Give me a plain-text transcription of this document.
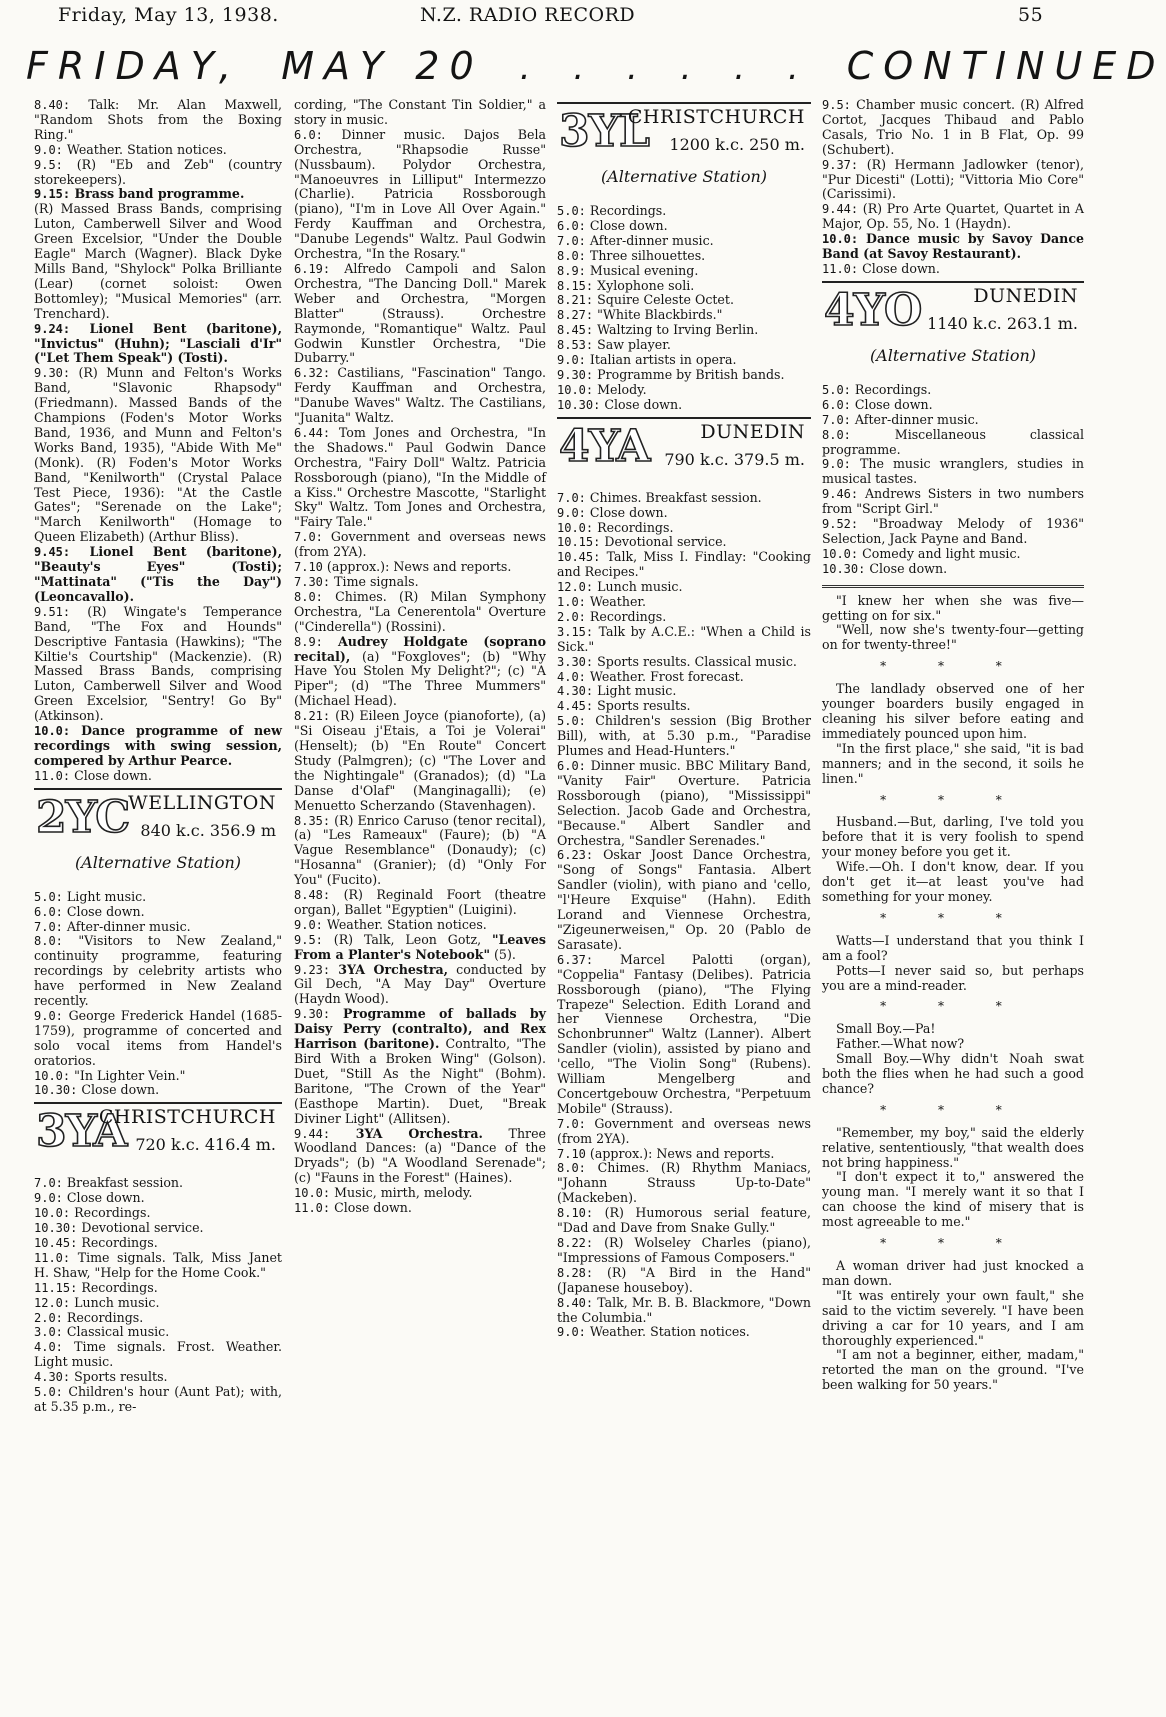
Friday, May 13, 1938.	N.Z. RADIO RECORD	55
FRIDAY, MAY 20 . . . . . . CONTINUED

8.40: Talk: Mr. Alan Maxwell, "Random Shots from the Boxing Ring."

9.0: Weather. Station notices.

9.5: (R) "Eb and Zeb" (country storekeepers).

9.15: Brass band programme.

(R) Massed Brass Bands, comprising Luton, Camberwell Silver and Wood Green Excelsior, "Under the Double Eagle" March (Wagner). Black Dyke Mills Band, "Shylock" Polka Brilliante (Lear) (cornet soloist: Owen Bottomley); "Musical Memories" (arr. Trenchard).

9.24: Lionel Bent (baritone), "Invictus" (Huhn); "Lasciali d'Ir" ("Let Them Speak") (Tosti).

9.30: (R) Munn and Felton's Works Band, "Slavonic Rhapsody" (Friedmann). Massed Bands of the Champions (Foden's Motor Works Band, 1936, and Munn and Felton's Works Band, 1935), "Abide With Me" (Monk). (R) Foden's Motor Works Band, "Kenilworth" (Crystal Palace Test Piece, 1936): "At the Castle Gates"; "Serenade on the Lake"; "March Kenilworth" (Homage to Queen Elizabeth) (Arthur Bliss).

9.45: Lionel Bent (baritone), "Beauty's Eyes" (Tosti); "Mattinata" ("Tis the Day") (Leoncavallo).

9.51: (R) Wingate's Temperance Band, "The Fox and Hounds" Descriptive Fantasia (Hawkins); "The Kiltie's Courtship" (Mackenzie). (R) Massed Brass Bands, comprising Luton, Camberwell Silver and Wood Green Excelsior, "Sentry! Go By" (Atkinson).

10.0: Dance programme of new recordings with swing session, compered by Arthur Pearce.

11.0: Close down.

2YC
WELLINGTON
840 k.c. 356.9 m
(Alternative Station)

5.0: Light music.

6.0: Close down.

7.0: After-dinner music.

8.0: "Visitors to New Zealand," continuity programme, featuring recordings by celebrity artists who have performed in New Zealand recently.

9.0: George Frederick Handel (1685-1759), programme of concerted and solo vocal items from Handel's oratorios.

10.0: "In Lighter Vein."

10.30: Close down.

3YA
CHRISTCHURCH
720 k.c. 416.4 m.

7.0: Breakfast session.

9.0: Close down.

10.0: Recordings.

10.30: Devotional service.

10.45: Recordings.

11.0: Time signals. Talk, Miss Janet H. Shaw, "Help for the Home Cook."

11.15: Recordings.

12.0: Lunch music.

2.0: Recordings.

3.0: Classical music.

4.0: Time signals. Frost. Weather. Light music.

4.30: Sports results.

5.0: Children's hour (Aunt Pat); with, at 5.35 p.m., re-

cording, "The Constant Tin Soldier," a story in music.

6.0: Dinner music. Dajos Bela Orchestra, "Rhapsodie Russe" (Nussbaum). Polydor Orchestra, "Manoeuvres in Lilliput" Intermezzo (Charlie). Patricia Rossborough (piano), "I'm in Love All Over Again." Ferdy Kauffman and Orchestra, "Danube Legends" Waltz. Paul Godwin Orchestra, "In the Rosary."

6.19: Alfredo Campoli and Salon Orchestra, "The Dancing Doll." Marek Weber and Orchestra, "Morgen Blatter" (Strauss). Orchestre Raymonde, "Romantique" Waltz. Paul Godwin Kunstler Orchestra, "Die Dubarry."

6.32: Castilians, "Fascination" Tango. Ferdy Kauffman and Orchestra, "Danube Waves" Waltz. The Castilians, "Juanita" Waltz.

6.44: Tom Jones and Orchestra, "In the Shadows." Paul Godwin Dance Orchestra, "Fairy Doll" Waltz. Patricia Rossborough (piano), "In the Middle of a Kiss." Orchestre Mascotte, "Starlight Sky" Waltz. Tom Jones and Orchestra, "Fairy Tale."

7.0: Government and overseas news (from 2YA).

7.10 (approx.): News and reports.

7.30: Time signals.

8.0: Chimes. (R) Milan Symphony Orchestra, "La Cenerentola" Overture ("Cinderella") (Rossini).

8.9: Audrey Holdgate (soprano recital), (a) "Foxgloves"; (b) "Why Have You Stolen My Delight?"; (c) "A Piper"; (d) "The Three Mummers" (Michael Head).

8.21: (R) Eileen Joyce (pianoforte), (a) "Si Oiseau j'Etais, a Toi je Volerai" (Henselt); (b) "En Route" Concert Study (Palmgren); (c) "The Lover and the Nightingale" (Granados); (d) "La Danse d'Olaf" (Manginagalli); (e) Menuetto Scherzando (Stavenhagen).

8.35: (R) Enrico Caruso (tenor recital), (a) "Les Rameaux" (Faure); (b) "A Vague Resemblance" (Donaudy); (c) "Hosanna" (Granier); (d) "Only For You" (Fucito).

8.48: (R) Reginald Foort (theatre organ), Ballet "Egyptien" (Luigini).

9.0: Weather. Station notices.

9.5: (R) Talk, Leon Gotz, "Leaves From a Planter's Notebook" (5).

9.23: 3YA Orchestra, conducted by Gil Dech, "A May Day" Overture (Haydn Wood).

9.30: Programme of ballads by Daisy Perry (contralto), and Rex Harrison (baritone). Contralto, "The Bird With a Broken Wing" (Golson). Duet, "Still As the Night" (Bohm). Baritone, "The Crown of the Year" (Easthope Martin). Duet, "Break Diviner Light" (Allitsen).

9.44: 3YA Orchestra. Three Woodland Dances: (a) "Dance of the Dryads"; (b) "A Woodland Serenade"; (c) "Fauns in the Forest" (Haines).

10.0: Music, mirth, melody.

11.0: Close down.

3YL
CHRISTCHURCH
1200 k.c. 250 m.
(Alternative Station)

5.0: Recordings.

6.0: Close down.

7.0: After-dinner music.

8.0: Three silhouettes.

8.9: Musical evening.

8.15: Xylophone soli.

8.21: Squire Celeste Octet.

8.27: "White Blackbirds."

8.45: Waltzing to Irving Berlin.

8.53: Saw player.

9.0: Italian artists in opera.

9.30: Programme by British bands.

10.0: Melody.

10.30: Close down.

4YA	DUNEDIN
790 k.c. 379.5 m.

7.0: Chimes. Breakfast session.

9.0: Close down.

10.0: Recordings.

10.15: Devotional service.

10.45: Talk, Miss I. Findlay: "Cooking and Recipes."

12.0: Lunch music.

1.0: Weather.

2.0: Recordings.

3.15: Talk by A.C.E.: "When a Child is Sick."

3.30: Sports results. Classical music.

4.0: Weather. Frost forecast.

4.30: Light music.

4.45: Sports results.

5.0: Children's session (Big Brother Bill), with, at 5.30 p.m., "Paradise Plumes and Head-Hunters."

6.0: Dinner music. BBC Military Band, "Vanity Fair" Overture. Patricia Rossborough (piano), "Mississippi" Selection. Jacob Gade and Orchestra, "Because." Albert Sandler and Orchestra, "Sandler Serenades."

6.23: Oskar Joost Dance Orchestra, "Song of Songs" Fantasia. Albert Sandler (violin), with piano and 'cello, "l'Heure Exquise" (Hahn). Edith Lorand and Viennese Orchestra, "Zigeunerweisen," Op. 20 (Pablo de Sarasate).

6.37: Marcel Palotti (organ), "Coppelia" Fantasy (Delibes). Patricia Rossborough (piano), "The Flying Trapeze" Selection. Edith Lorand and her Viennese Orchestra, "Die Schonbrunner" Waltz (Lanner). Albert Sandler (violin), assisted by piano and 'cello, "The Violin Song" (Rubens). William Mengelberg and Concertgebouw Orchestra, "Perpetuum Mobile" (Strauss).

7.0: Government and overseas news (from 2YA).

7.10 (approx.): News and reports.

8.0: Chimes. (R) Rhythm Maniacs, "Johann Strauss Up-to-Date" (Mackeben).

8.10: (R) Humorous serial feature, "Dad and Dave from Snake Gully."

8.22: (R) Wolseley Charles (piano), "Impressions of Famous Composers."

8.28: (R) "A Bird in the Hand" (Japanese houseboy).

8.40: Talk, Mr. B. B. Blackmore, "Down the Columbia."

9.0: Weather. Station notices.

9.5: Chamber music concert. (R) Alfred Cortot, Jacques Thibaud and Pablo Casals, Trio No. 1 in B Flat, Op. 99 (Schubert).

9.37: (R) Hermann Jadlowker (tenor), "Pur Dicesti" (Lotti); "Vittoria Mio Core" (Carissimi).

9.44: (R) Pro Arte Quartet, Quartet in A Major, Op. 55, No. 1 (Haydn).

10.0: Dance music by Savoy Dance Band (at Savoy Restaurant).

11.0: Close down.

4YO	DUNEDIN
1140 k.c. 263.1 m.
(Alternative Station)

5.0: Recordings.

6.0: Close down.

7.0: After-dinner music.

8.0:	Miscellaneous classical programme.

9.0: The music wranglers, studies in musical tastes.

9.46: Andrews Sisters in two numbers from "Script Girl."

9.52: "Broadway Melody of 1936" Selection, Jack Payne and Band.

10.0: Comedy and light music.

10.30: Close down.

"I knew her when she was five—getting on for six."

"Well, now she's twenty-four—getting on for twenty-three!"

* * *

The landlady observed one of her younger boarders busily engaged in cleaning his silver before eating and immediately pounced upon him.

"In the first place," she said, "it is bad manners; and in the second, it soils he linen."

* * *

Husband.—But, darling, I've told you before that it is very foolish to spend your money before you get it.

Wife.—Oh. I don't know, dear. If you don't get it—at least you've had something for your money.

* * *

Watts—I understand that you think I am a fool?

Potts—I never said so, but perhaps you are a mind-reader.

* * *

Small Boy.—Pa!

Father.—What now?

Small Boy.—Why didn't Noah swat both the flies when he had such a good chance?

* * *

"Remember, my boy," said the elderly relative, sententiously, "that wealth does not bring happiness."

"I don't expect it to," answered the young man. "I merely want it so that I can choose the kind of misery that is most agreeable to me."

* * *

A woman driver had just knocked a man down.

"It was entirely your own fault," she said to the victim severely. "I have been driving a car for 10 years, and I am thoroughly experienced."

"I am not a beginner, either, madam," retorted the man on the ground. "I've been walking for 50 years."
